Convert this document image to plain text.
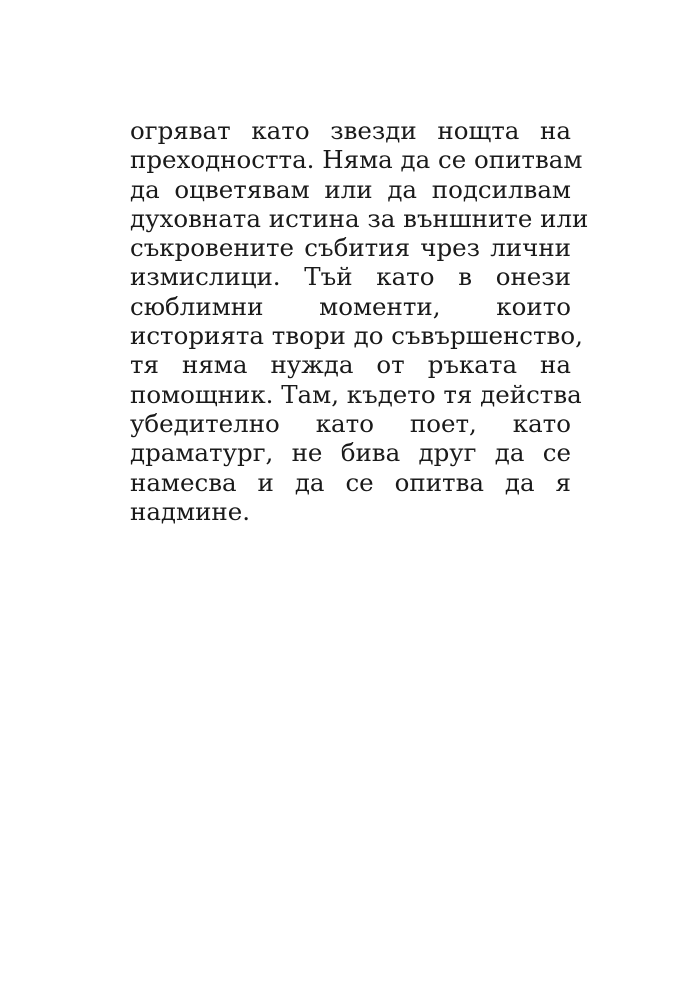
огряват като звезди нощта на
преходността. Няма да се опитвам
да оцветявам или да подсилвам
духовната истина за външните или
съкровените събития чрез лични
измислици. Тъй като в онези
сюблимни моменти, които
историята твори до съвършенство,
тя няма нужда от ръката на
помощник. Там, където тя действа
убедително като поет, като
драматург, не бива друг да се
намесва и да се опитва да я
надмине.
